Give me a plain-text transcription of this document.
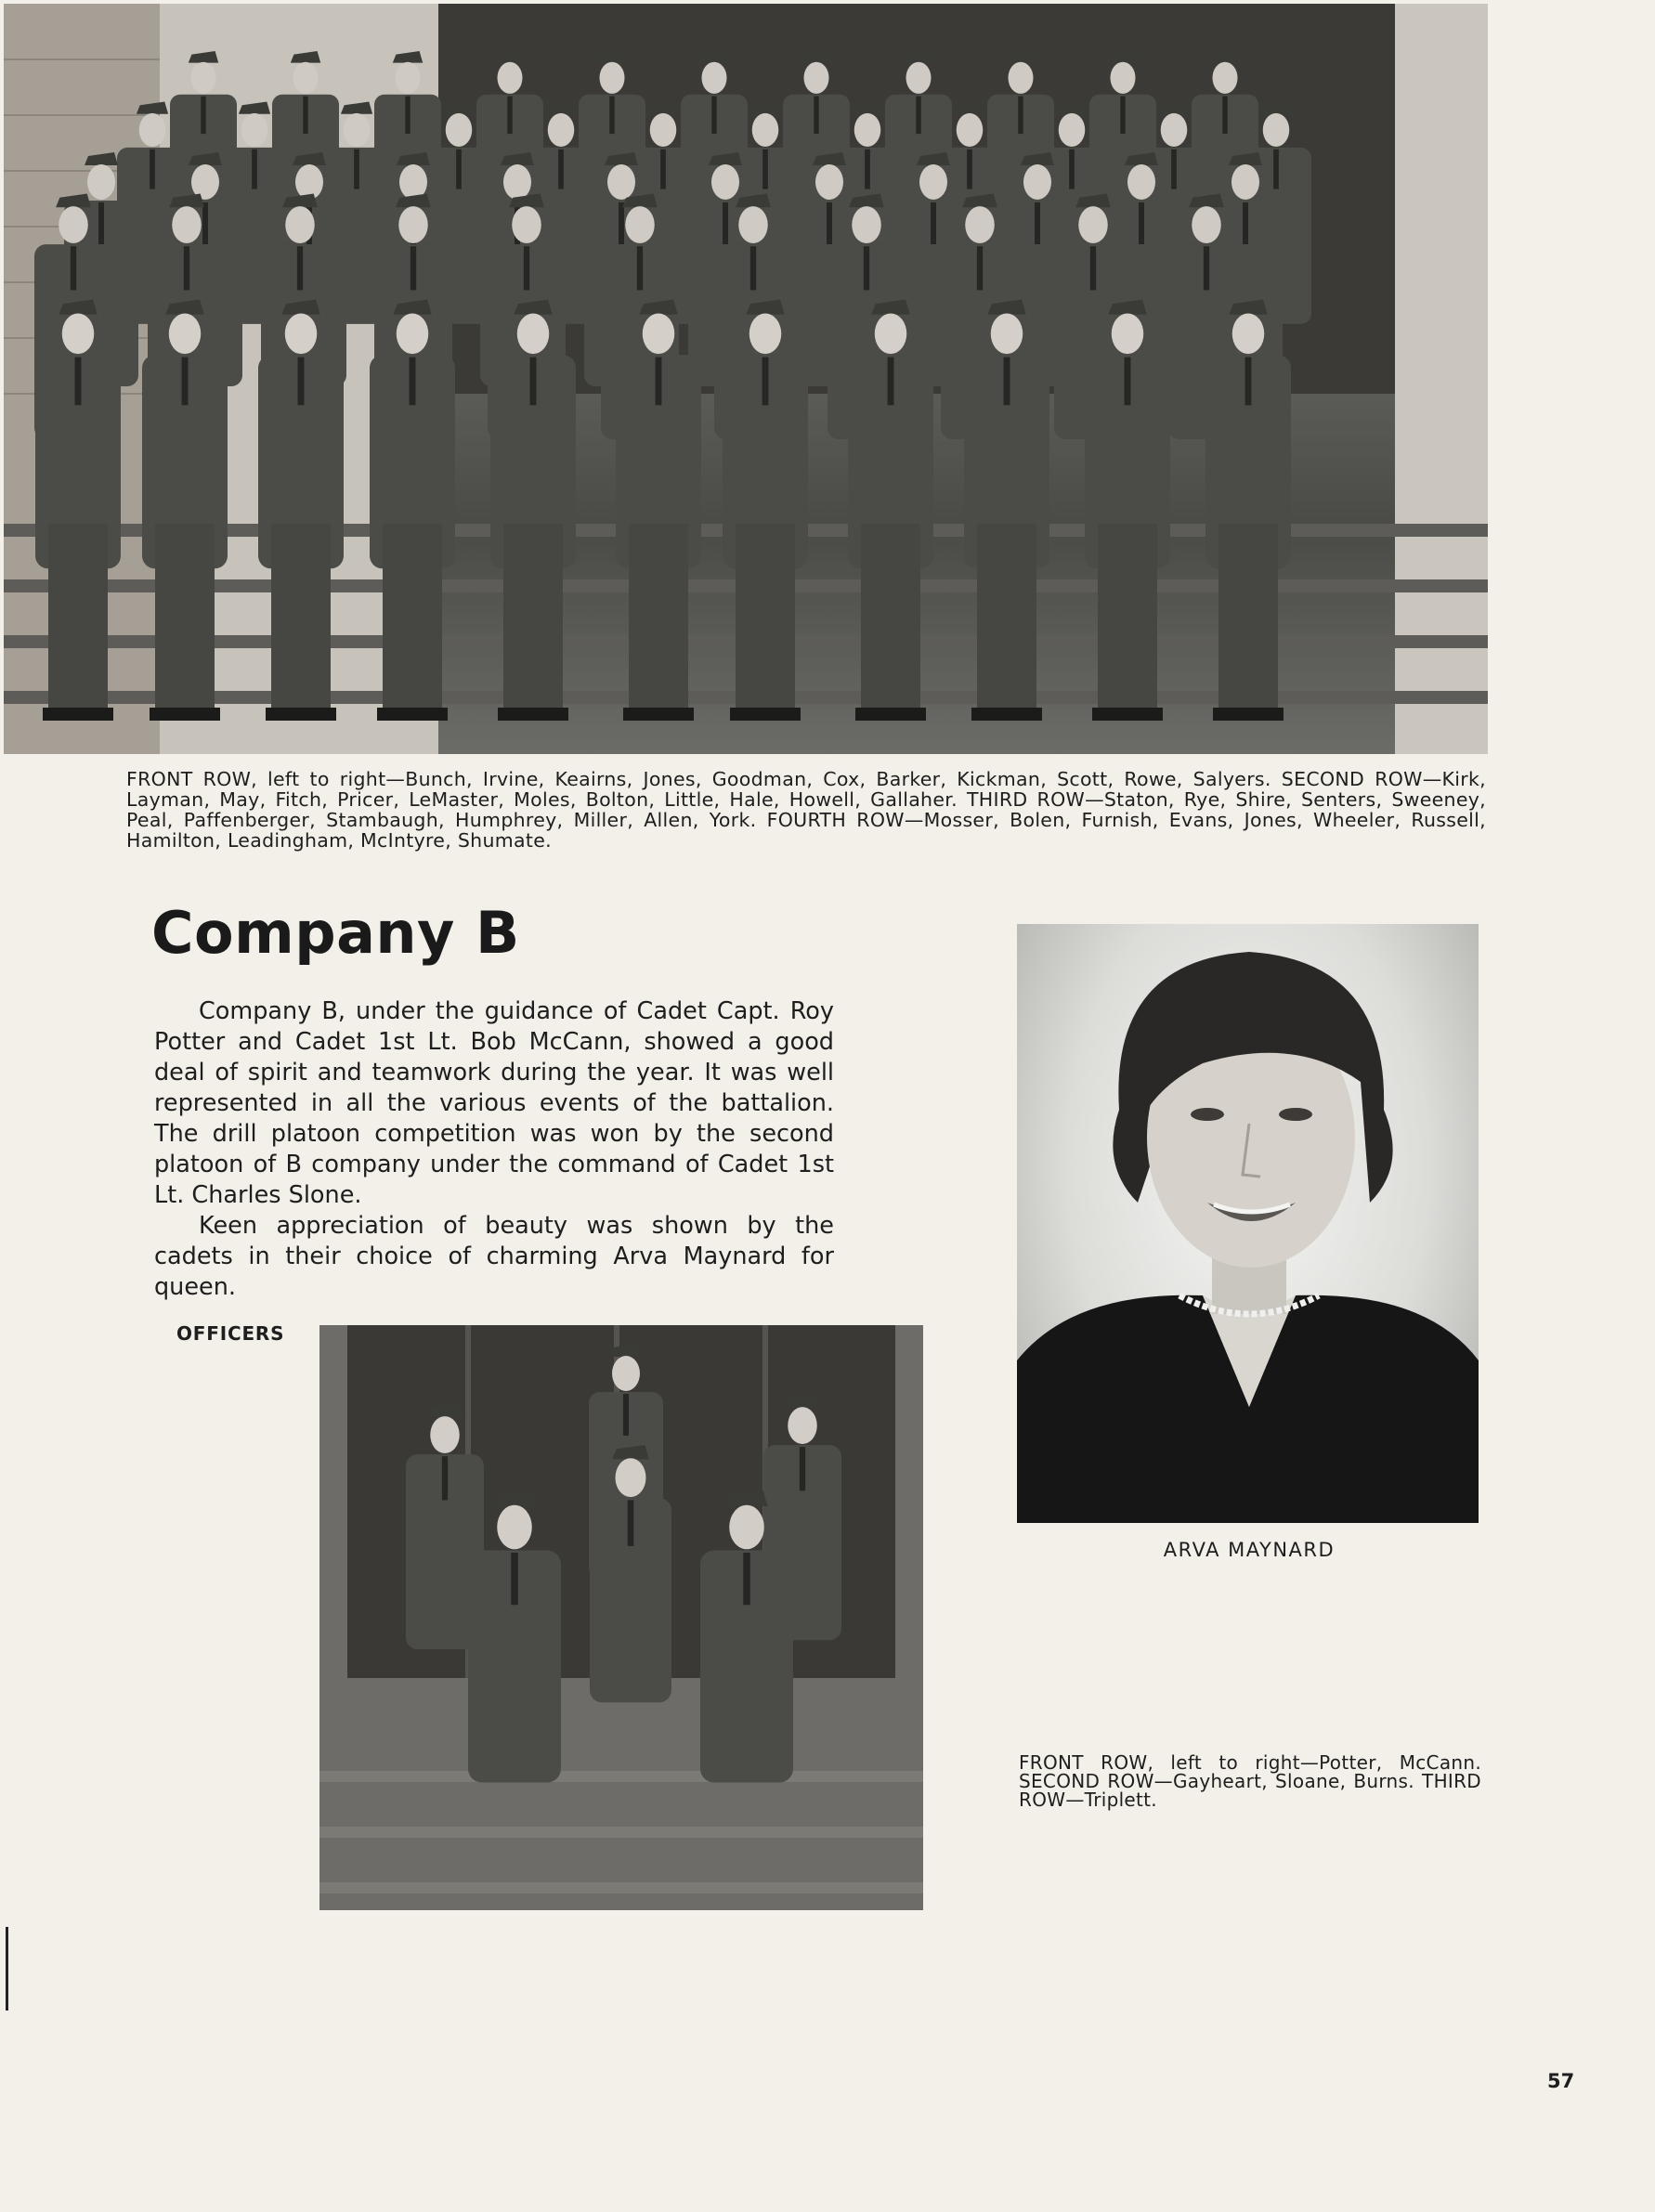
FRONT ROW, left to right—Bunch, Irvine, Keairns, Jones, Goodman, Cox, Barker, Kickman, Scott, Rowe, Salyers. SECOND ROW—Kirk, Layman, May, Fitch, Pricer, LeMaster, Moles, Bolton, Little, Hale, Howell, Gallaher. THIRD ROW—Staton, Rye, Shire, Senters, Sweeney, Peal, Paffenberger, Stambaugh, Humphrey, Miller, Allen, York. FOURTH ROW—Mosser, Bolen, Furnish, Evans, Jones, Wheeler, Russell, Hamilton, Leadingham, McIntyre, Shumate.

Company B

Company B, under the guidance of Cadet Capt. Roy Potter and Cadet 1st Lt. Bob McCann, showed a good deal of spirit and teamwork during the year. It was well represented in all the various events of the battalion. The drill platoon competition was won by the second platoon of B company under the command of Cadet 1st Lt. Charles Slone.

Keen appreciation of beauty was shown by the cadets in their choice of charming Arva Maynard for queen.

OFFICERS

ARVA MAYNARD

FRONT ROW, left to right—Potter, McCann. SECOND ROW—Gayheart, Sloane, Burns. THIRD ROW—Triplett.

57
